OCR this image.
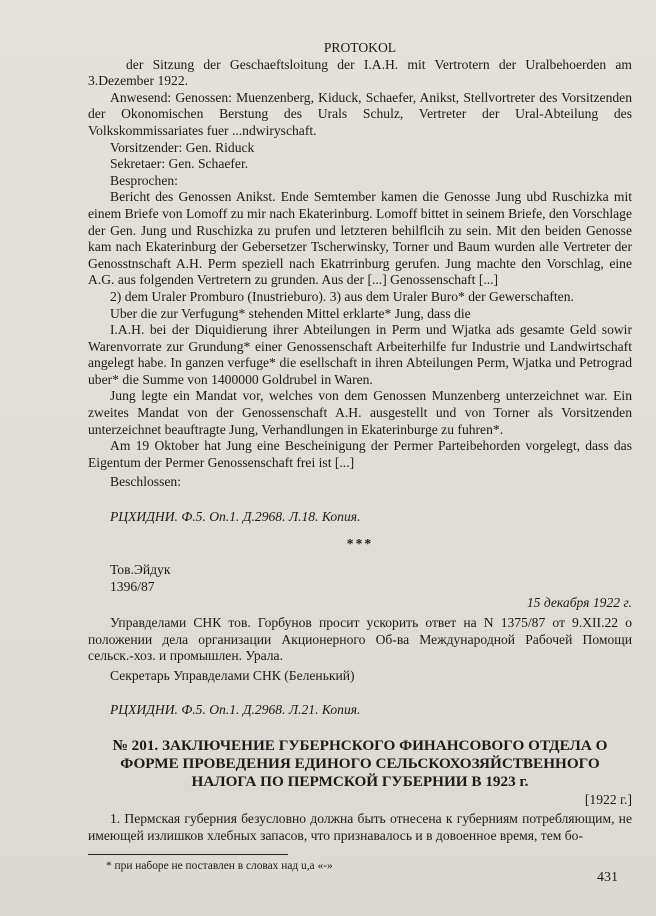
PROTOKOL

der Sitzung der Geschaeftsloitung der I.A.H. mit Vertrotern der Uralbehoerden am 3.Dezember 1922.

Anwesend: Genossen: Muenzenberg, Kiduck, Schaefer, Anikst, Stellvortreter des Vorsitzenden der Okonomischen Berstung des Urals Schulz, Vertreter der Ural-Abteilung des Volkskommissariates fuer ...ndwiryschaft.

Vorsitzender: Gen. Riduck

Sekretaer: Gen. Schaefer.

Besprochen:

Bericht des Genossen Anikst. Ende Semtember kamen die Genosse Jung ubd Ruschizka mit einem Briefe von Lomoff zu mir nach Ekaterinburg. Lomoff bittet in seinem Briefe, den Vorschlage der Gen. Jung und Ruschizka zu prufen und letzteren behilflcih zu sein. Mit den beiden Genosse kam nach Ekaterinburg der Gebersetzer Tscherwinsky, Torner und Baum wurden alle Vertreter der Genosstnschaft A.H. Perm speziell nach Ekatrrinburg gerufen. Jung machte den Vorschlag, eine A.G. aus folgenden Vertretern zu grunden. Aus der [...] Genossenschaft [...]

2) dem Uraler Promburo (Inustrieburo). 3) aus dem Uraler Buro* der Gewerschaften.

Uber die zur Verfugung* stehenden Mittel erklarte* Jung, dass die

I.A.H. bei der Diquidierung ihrer Abteilungen in Perm und Wjatka ads gesamte Geld sowir Warenvorrate zur Grundung* einer Genossenschaft Arbeiterhilfe fur Industrie und Landwirtschaft angelegt habe. In ganzen verfuge* die esellschaft in ihren Abteilungen Perm, Wjatka und Petrograd uber* die Summe von 1400000 Goldrubel in Waren.

Jung legte ein Mandat vor, welches von dem Genossen Munzenberg unterzeichnet war. Ein zweites Mandat von der Genossenschaft A.H. ausgestellt und von Torner als Vorsitzenden unterzeichnet beauftragte Jung, Verhandlungen in Ekaterinburge zu fuhren*.

Am 19 Oktober hat Jung eine Bescheinigung der Permer Parteibehorden vorgelegt, dass das Eigentum der Permer Genossenschaft frei ist [...]

Beschlossen:

РЦХИДНИ. Ф.5. Оп.1. Д.2968. Л.18. Копия.

***

Тов.Эйдук

1396/87

15 декабря 1922 г.

Управделами СНК тов. Горбунов просит ускорить ответ на N 1375/87 от 9.XII.22 о положении дела организации Акционерного Об-ва Международной Рабочей Помощи сельск.-хоз. и промышлен. Урала.

Секретарь Управделами СНК (Беленький)

РЦХИДНИ. Ф.5. Оп.1. Д.2968. Л.21. Копия.

№ 201. ЗАКЛЮЧЕНИЕ ГУБЕРНСКОГО ФИНАНСОВОГО ОТДЕЛА О ФОРМЕ ПРОВЕДЕНИЯ ЕДИНОГО СЕЛЬСКОХОЗЯЙСТВЕННОГО НАЛОГА ПО ПЕРМСКОЙ ГУБЕРНИИ В 1923 г.

[1922 г.]

1. Пермская губерния безусловно должна быть отнесена к губерниям потребляющим, не имеющей излишков хлебных запасов, что признавалось и в довоенное время, тем бо-

* при наборе не поставлен в словах над u,a «-»

431
